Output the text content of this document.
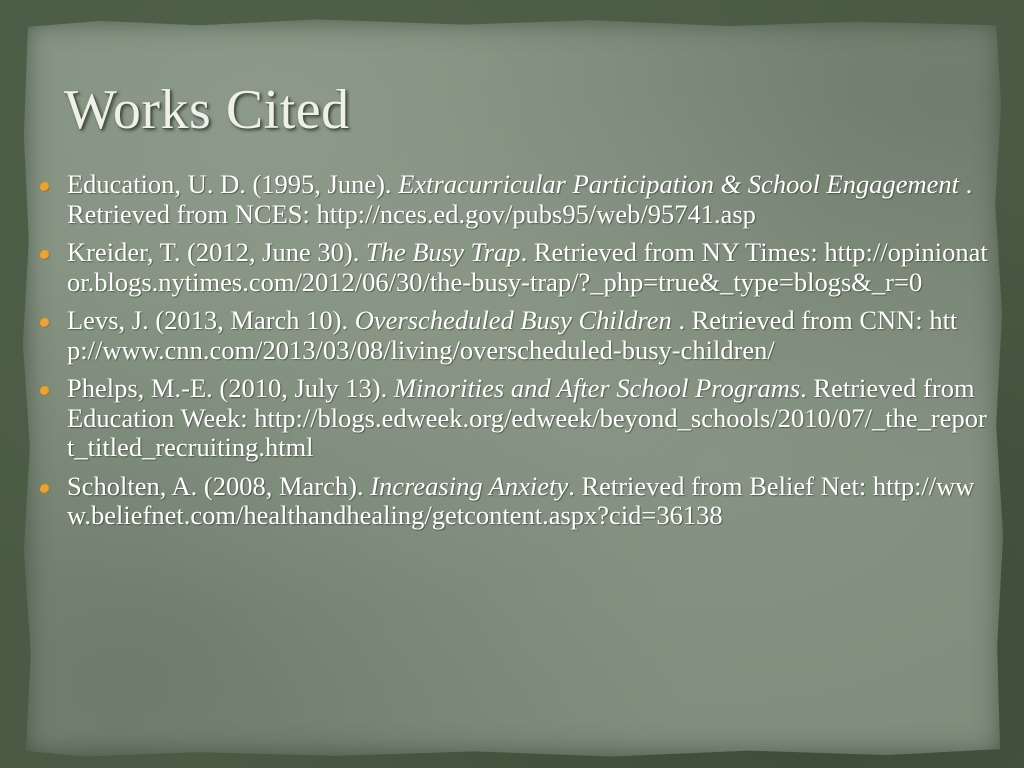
Works Cited
Education, U. D. (1995, June). Extracurricular Participation & School Engagement . Retrieved from NCES: http://nces.ed.gov/pubs95/web/95741.asp
Kreider, T. (2012, June 30). The Busy Trap. Retrieved from NY Times: http://opinionator.blogs.nytimes.com/2012/06/30/the-busy-trap/?_php=true&_type=blogs&_r=0
Levs, J. (2013, March 10). Overscheduled Busy Children . Retrieved from CNN: http://www.cnn.com/2013/03/08/living/overscheduled-busy-children/
Phelps, M.-E. (2010, July 13). Minorities and After School Programs. Retrieved from Education Week: http://blogs.edweek.org/edweek/beyond_schools/2010/07/_the_report_titled_recruiting.html
Scholten, A. (2008, March). Increasing Anxiety. Retrieved from Belief Net: http://www.beliefnet.com/healthandhealing/getcontent.aspx?cid=36138
